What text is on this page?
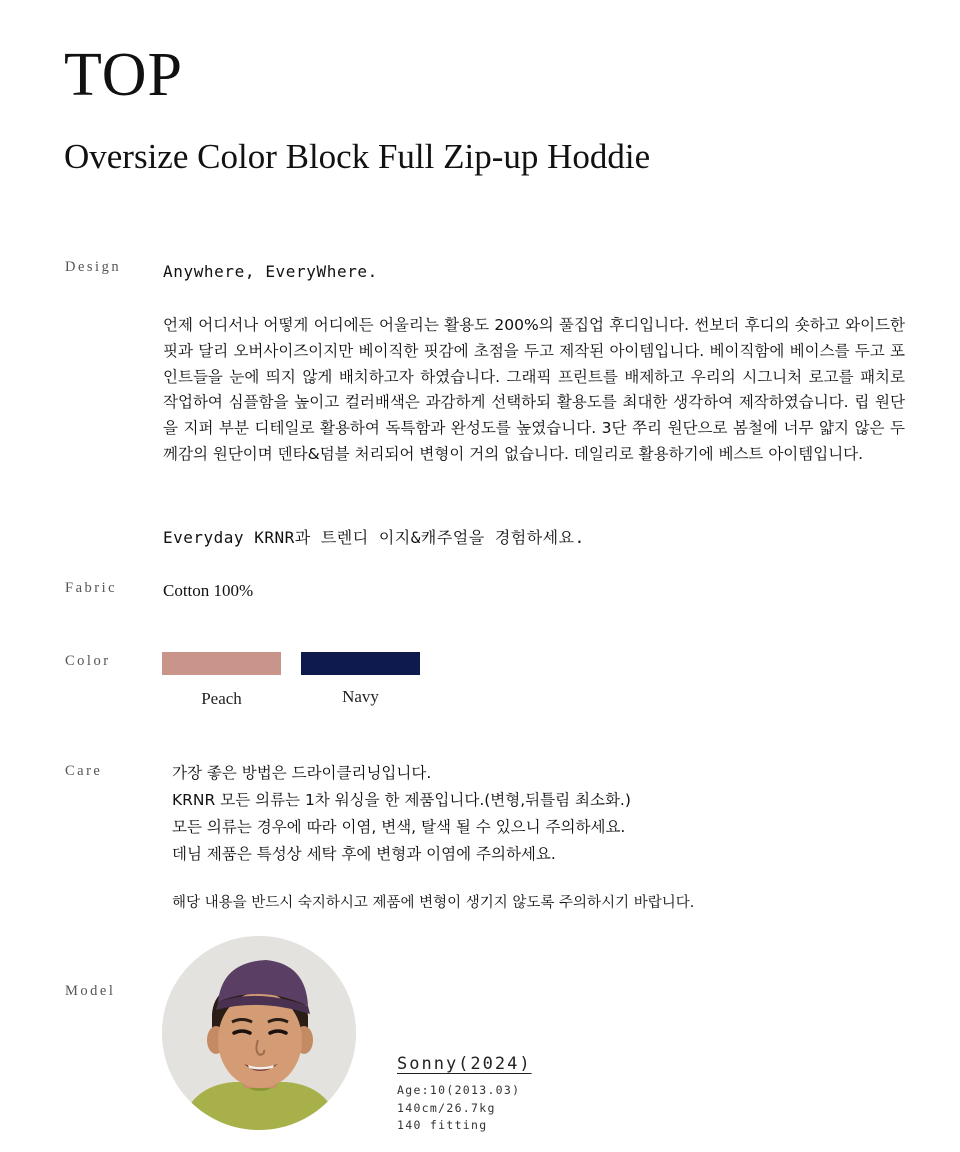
TOP
Oversize Color Block Full Zip-up Hoddie
Design	Anywhere, EveryWhere.
언제 어디서나 어떻게 어디에든 어울리는 활용도 200%의 풀집업 후디입니다. 썬보더 후디의 숏하고 와이드한 핏과 달리 오버사이즈이지만 베이직한 핏감에 초점을 두고 제작된 아이템입니다. 베이직함에 베이스를 두고 포인트들을 눈에 띄지 않게 배치하고자 하였습니다. 그래픽 프린트를 배제하고 우리의 시그니처 로고를 패치로 작업하여 심플함을 높이고 컬러배색은 과감하게 선택하되 활용도를 최대한 생각하여 제작하였습니다. 립 원단을 지퍼 부분 디테일로 활용하여 독특함과 완성도를 높였습니다. 3단 쭈리 원단으로 봄철에 너무 얇지 않은 두께감의 원단이며 덴타&덤블 처리되어 변형이 거의 없습니다. 데일리로 활용하기에 베스트 아이템입니다.
Everyday KRNR과 트렌디 이지&캐주얼을 경험하세요.
Fabric	Cotton 100%
Color
Peach	Navy
Care	가장 좋은 방법은 드라이클리닝입니다.
KRNR 모든 의류는 1차 워싱을 한 제품입니다.(변형,뒤틀림 최소화.)
모든 의류는 경우에 따라 이염, 변색, 탈색 될 수 있으니 주의하세요.
데님 제품은 특성상 세탁 후에 변형과 이염에 주의하세요.
해당 내용을 반드시 숙지하시고 제품에 변형이 생기지 않도록 주의하시기 바랍니다.
Model
Sonny(2024)
Age:10(2013.03)
140cm/26.7kg
140 fitting
